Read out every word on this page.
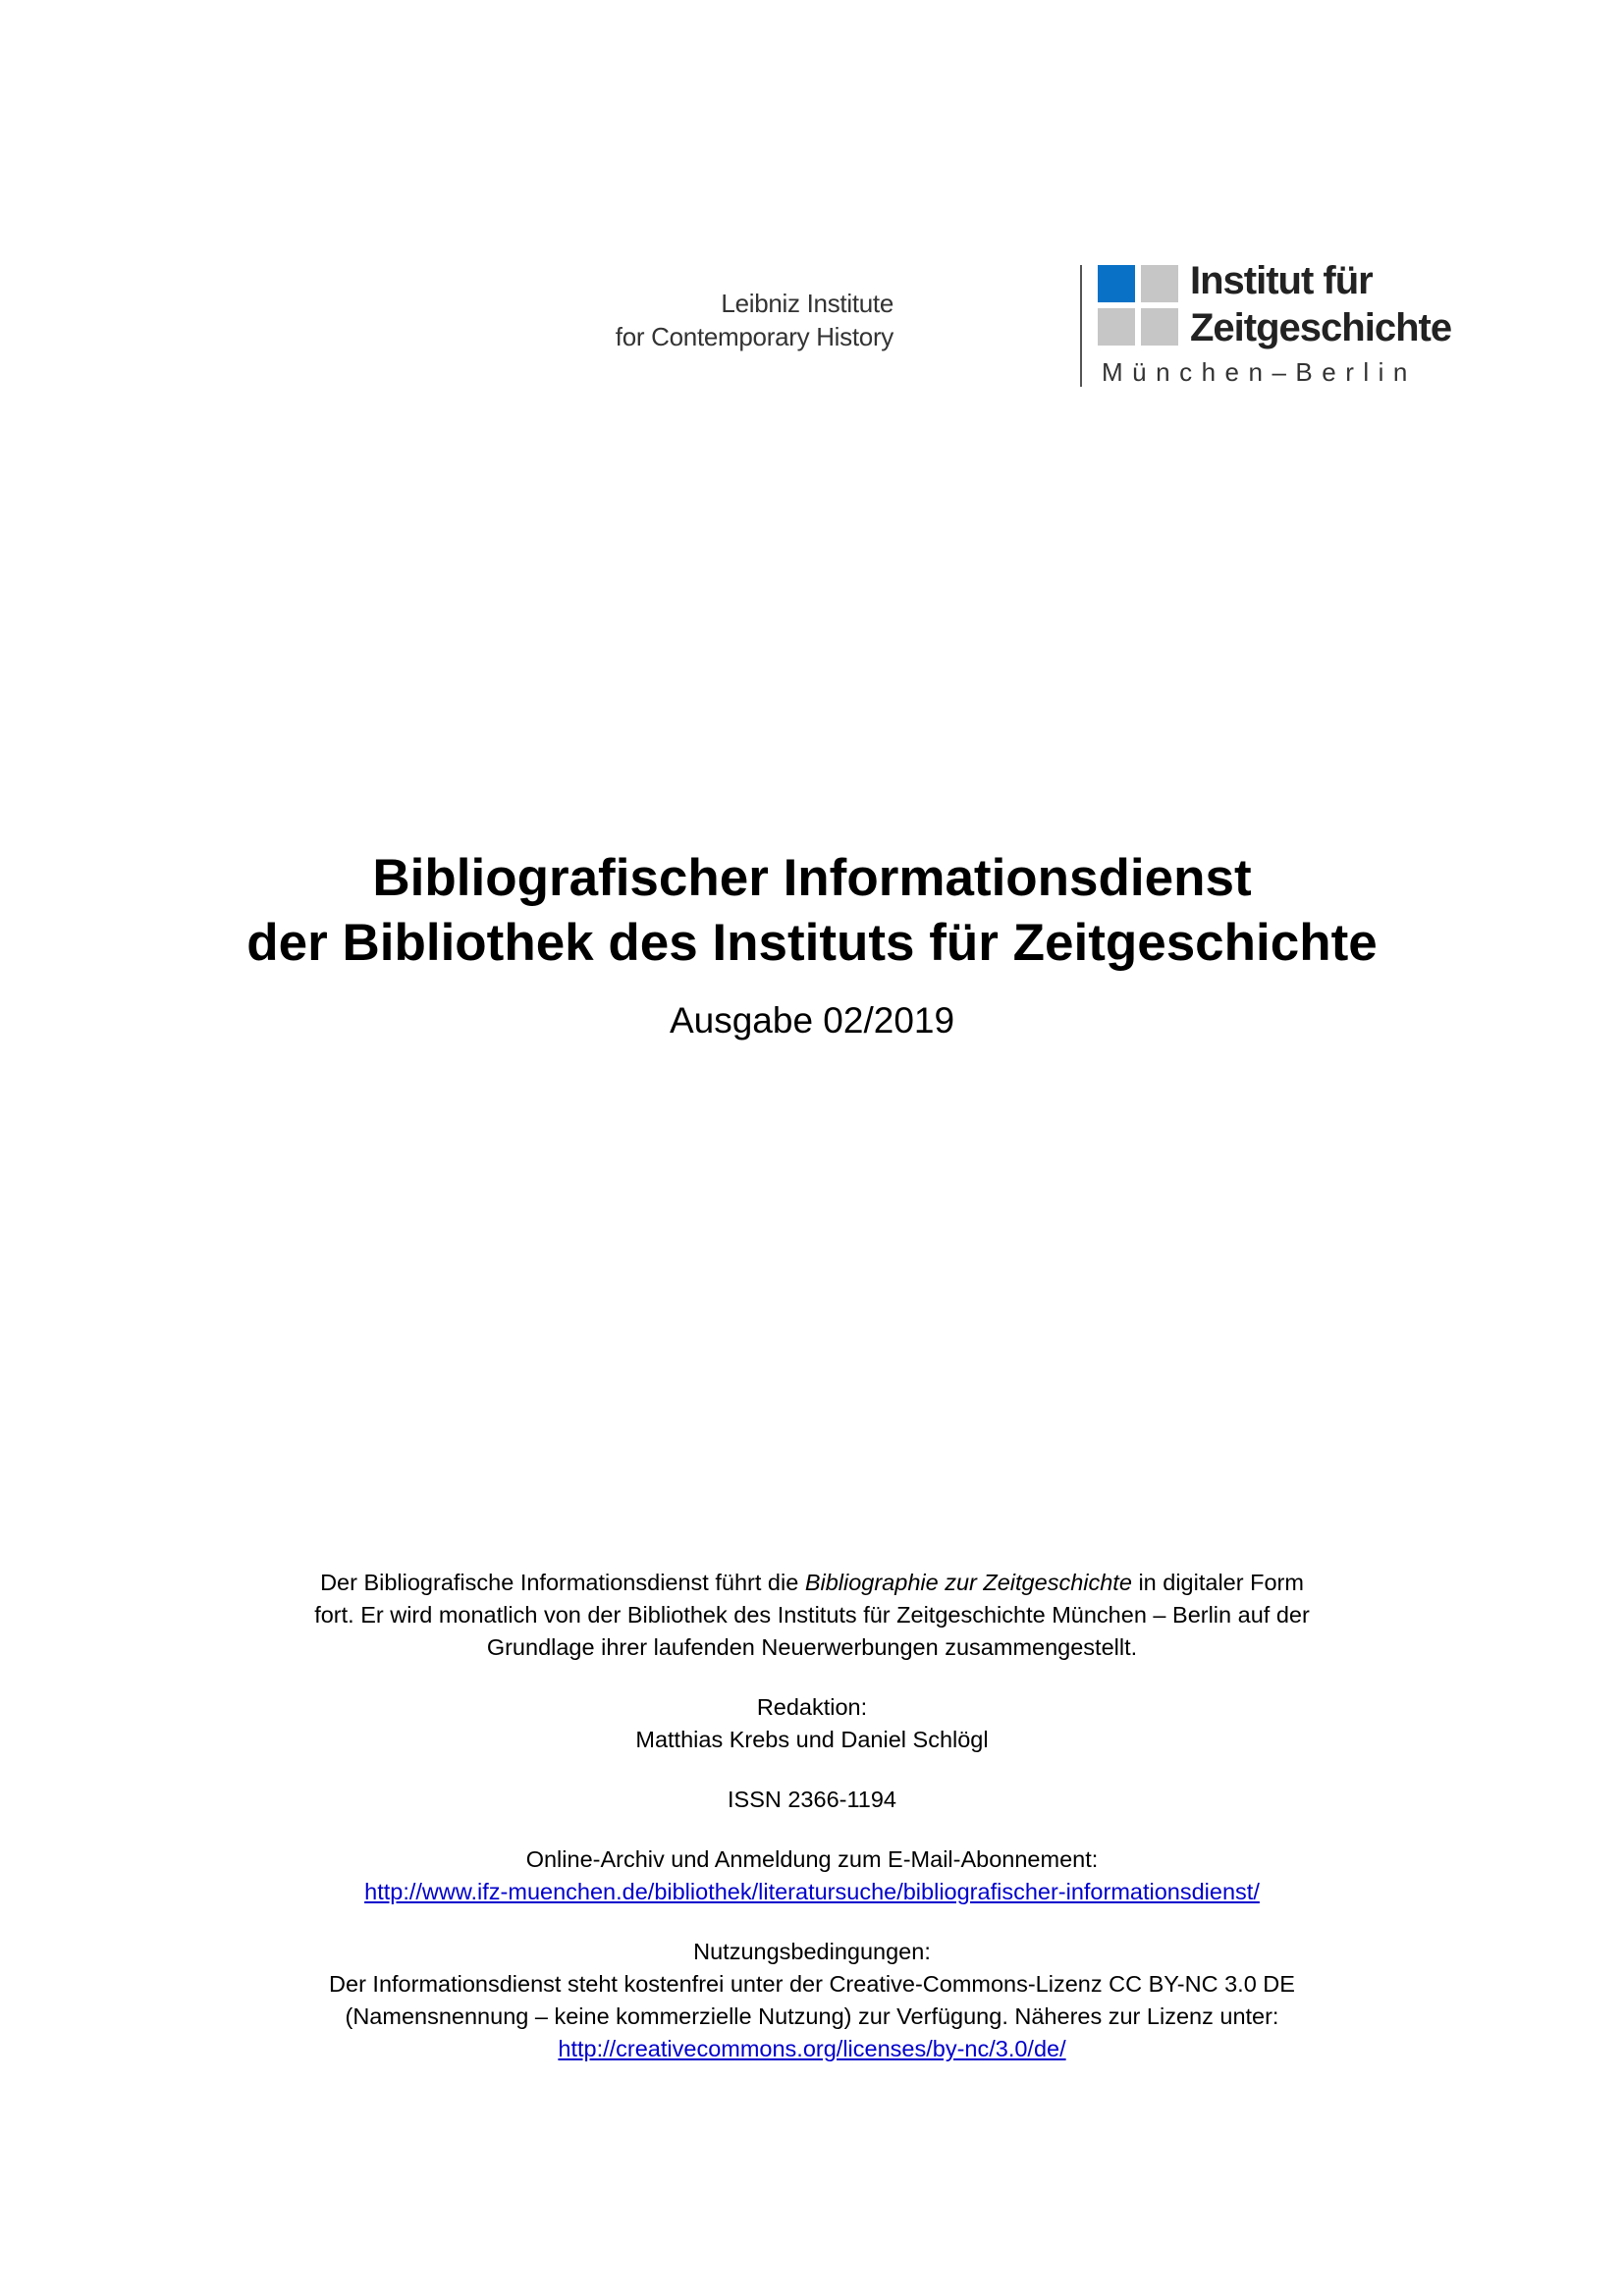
Leibniz Institute
for Contemporary History
Institut für
Zeitgeschichte
München–Berlin
Bibliografischer Informationsdienst
der Bibliothek des Instituts für Zeitgeschichte
Ausgabe 02/2019
Der Bibliografische Informationsdienst führt die Bibliographie zur Zeitgeschichte in digitaler Form
fort. Er wird monatlich von der Bibliothek des Instituts für Zeitgeschichte München – Berlin auf der
Grundlage ihrer laufenden Neuerwerbungen zusammengestellt.
Redaktion:
Matthias Krebs und Daniel Schlögl
ISSN 2366-1194
Online-Archiv und Anmeldung zum E-Mail-Abonnement:
http://www.ifz-muenchen.de/bibliothek/literatursuche/bibliografischer-informationsdienst/
Nutzungsbedingungen:
Der Informationsdienst steht kostenfrei unter der Creative-Commons-Lizenz CC BY-NC 3.0 DE
(Namensnennung – keine kommerzielle Nutzung) zur Verfügung. Näheres zur Lizenz unter:
http://creativecommons.org/licenses/by-nc/3.0/de/
